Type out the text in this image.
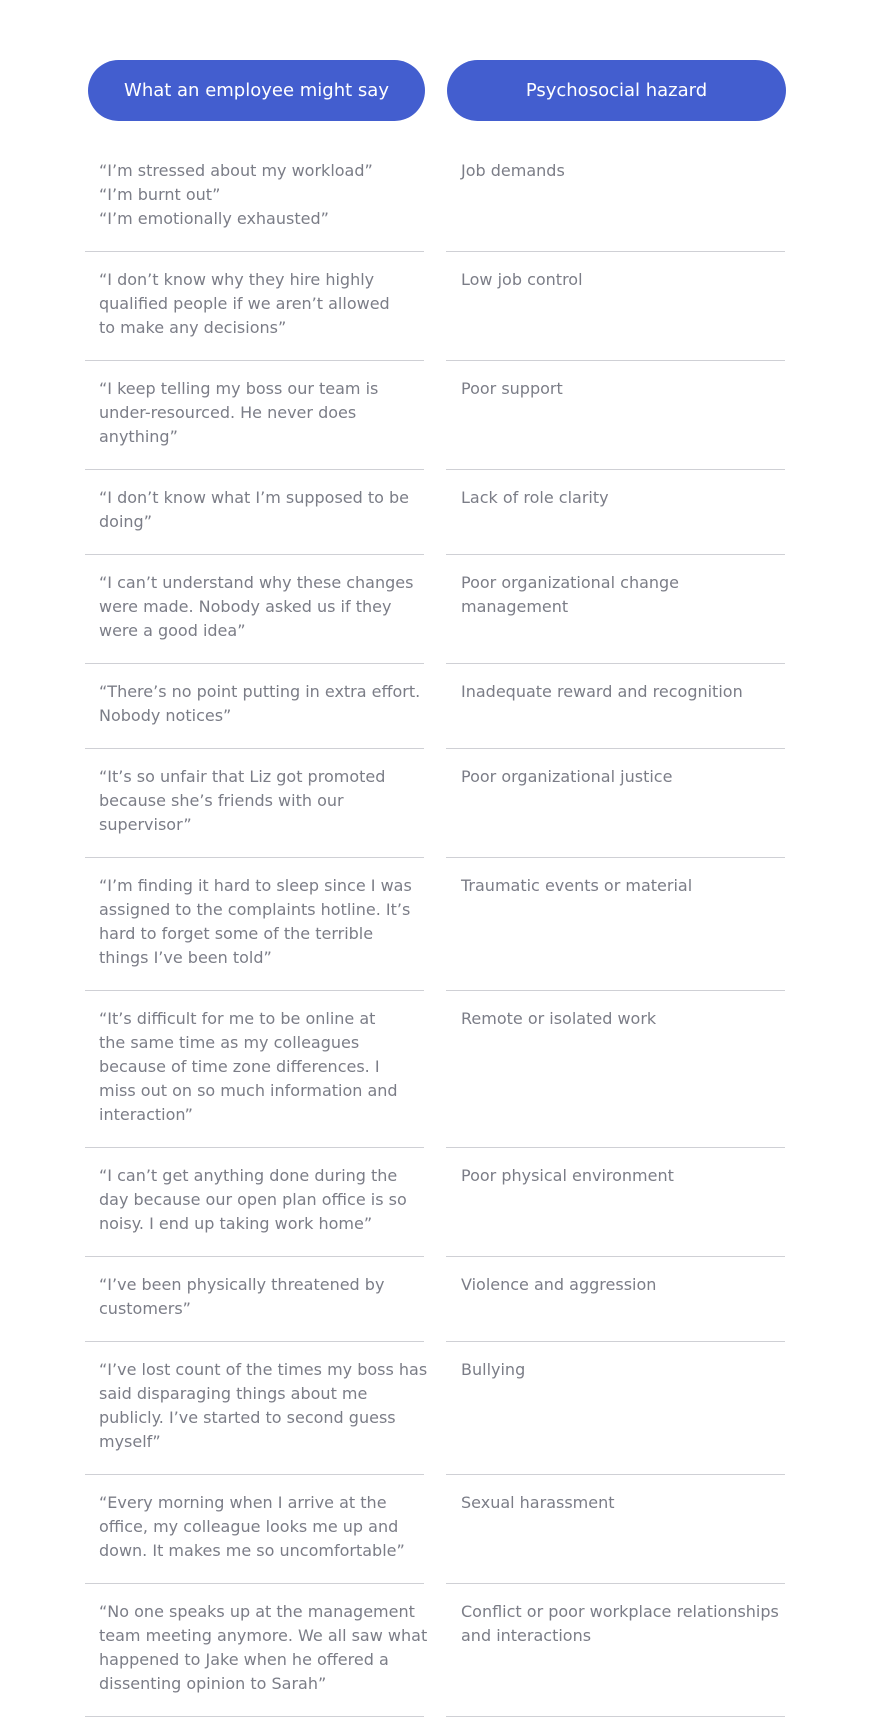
What an employee might say	Psychosocial hazard
“I’m stressed about my workload”
“I’m burnt out”
“I’m emotionally exhausted”
Job demands
“I don’t know why they hire highly
qualified people if we aren’t allowed
to make any decisions”
Low job control
“I keep telling my boss our team is
under-resourced. He never does
anything”
Poor support
“I don’t know what I’m supposed to be
doing”
Lack of role clarity
“I can’t understand why these changes
were made. Nobody asked us if they
were a good idea”
Poor organizational change management
“There’s no point putting in extra effort.
Nobody notices”
Inadequate reward and recognition
“It’s so unfair that Liz got promoted
because she’s friends with our
supervisor”
Poor organizational justice
“I’m finding it hard to sleep since I was
assigned to the complaints hotline. It’s
hard to forget some of the terrible
things I’ve been told”
Traumatic events or material
“It’s difficult for me to be online at
the same time as my colleagues
because of time zone differences. I
miss out on so much information and
interaction”
Remote or isolated work
“I can’t get anything done during the
day because our open plan office is so
noisy. I end up taking work home”
Poor physical environment
“I’ve been physically threatened by
customers”
Violence and aggression
“I’ve lost count of the times my boss has
said disparaging things about me
publicly. I’ve started to second guess
myself”
Bullying
“Every morning when I arrive at the
office, my colleague looks me up and
down. It makes me so uncomfortable”
Sexual harassment
“No one speaks up at the management
team meeting anymore. We all saw what
happened to Jake when he offered a
dissenting opinion to Sarah”
Conflict or poor workplace relationships and interactions
